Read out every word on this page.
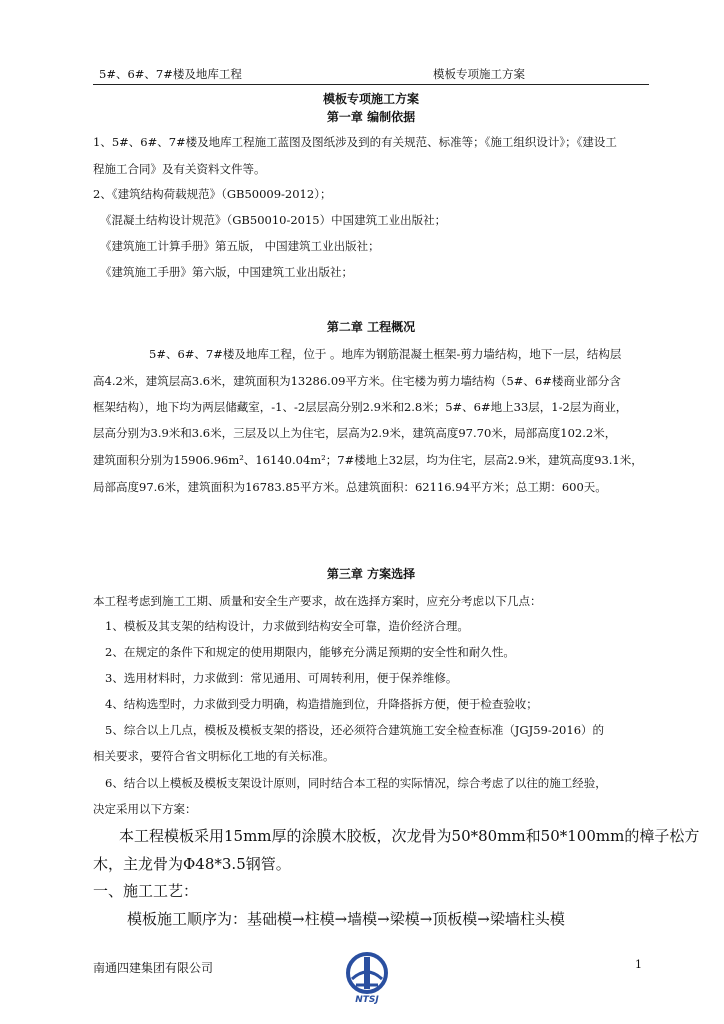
5#、6#、7#楼及地库工程	模板专项施工方案
模板专项施工方案
第一章 编制依据
1、5#、6#、7#楼及地库工程施工蓝图及图纸涉及到的有关规范、标准等；《施工组织设计》；《建设工
程施工合同》及有关资料文件等。
2、《建筑结构荷载规范》（GB50009-2012）；
《混凝土结构设计规范》（GB50010-2015）中国建筑工业出版社；
《建筑施工计算手册》第五版， 中国建筑工业出版社；
《建筑施工手册》第六版，中国建筑工业出版社；
第二章 工程概况
5#、6#、7#楼及地库工程，位于 。地库为钢筋混凝土框架-剪力墙结构，地下一层，结构层
高4.2米，建筑层高3.6米，建筑面积为13286.09平方米。住宅楼为剪力墙结构（5#、6#楼商业部分含
框架结构），地下均为两层储藏室，-1、-2层层高分别2.9米和2.8米；5#、6#地上33层，1-2层为商业，
层高分别为3.9米和3.6米，三层及以上为住宅，层高为2.9米，建筑高度97.70米，局部高度102.2米，
建筑面积分别为15906.96m²、16140.04m²；7#楼地上32层，均为住宅，层高2.9米，建筑高度93.1米，
局部高度97.6米，建筑面积为16783.85平方米。总建筑面积：62116.94平方米；总工期：600天。
第三章 方案选择
本工程考虑到施工工期、质量和安全生产要求，故在选择方案时，应充分考虑以下几点：
1、模板及其支架的结构设计，力求做到结构安全可靠，造价经济合理。
2、在规定的条件下和规定的使用期限内，能够充分满足预期的安全性和耐久性。
3、选用材料时，力求做到：常见通用、可周转利用，便于保养维修。
4、结构选型时，力求做到受力明确，构造措施到位，升降搭拆方便，便于检查验收；
5、综合以上几点，模板及模板支架的搭设，还必须符合建筑施工安全检查标准（JGJ59-2016）的
相关要求，要符合省文明标化工地的有关标准。
6、结合以上模板及模板支架设计原则，同时结合本工程的实际情况，综合考虑了以往的施工经验，
决定采用以下方案：
本工程模板采用15mm厚的涂膜木胶板，次龙骨为50*80mm和50*100mm的樟子松方
木，主龙骨为Φ48*3.5钢管。
一、施工工艺：
模板施工顺序为：基础模→柱模→墙模→梁模→顶板模→梁墙柱头模
南通四建集团有限公司
NTSJ
1
